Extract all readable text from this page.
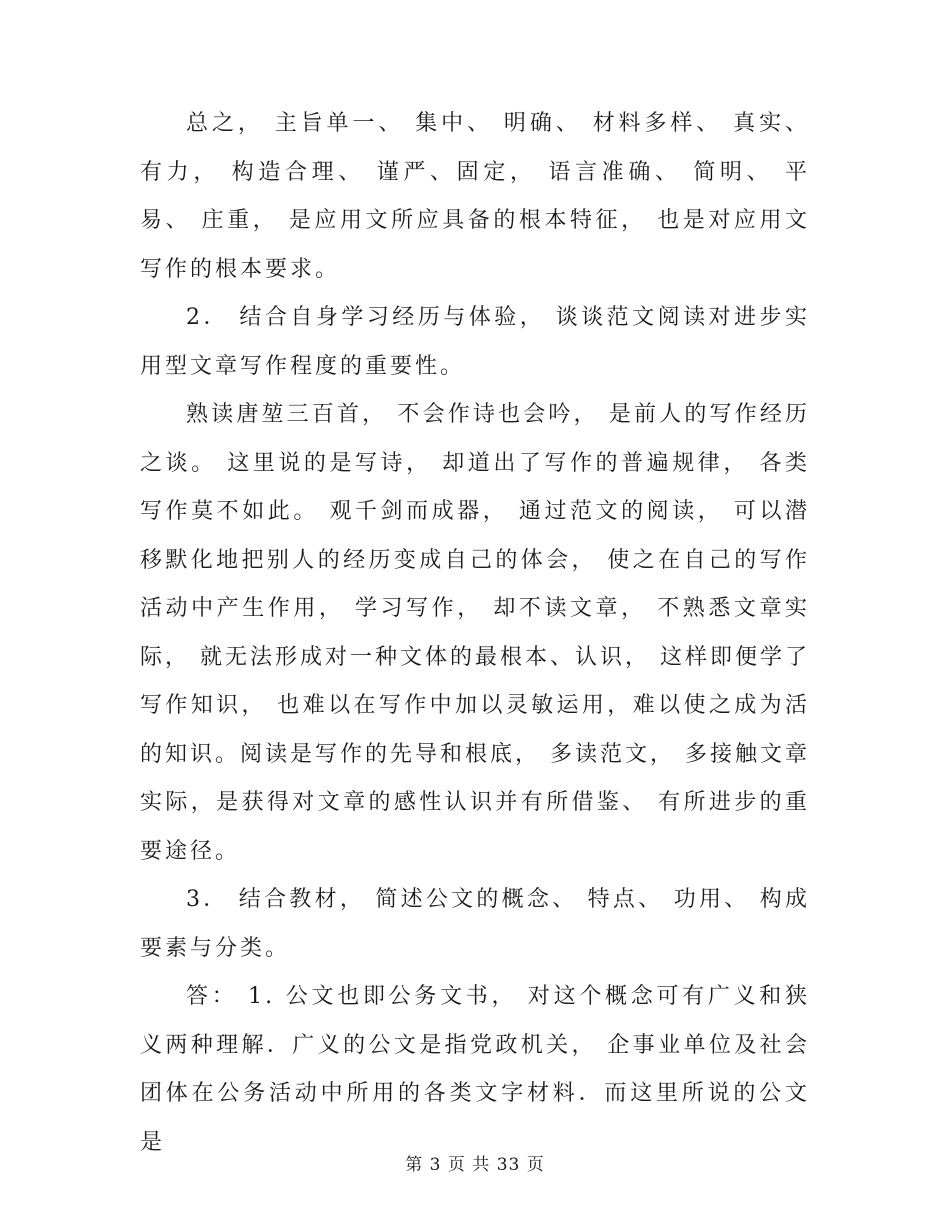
总之， 主旨单一、 集中、 明确、 材料多样、 真实、有力， 构造合理、 谨严、固定， 语言准确、 简明、 平易、 庄重， 是应用文所应具备的根本特征， 也是对应用文写作的根本要求。

2． 结合自身学习经历与体验， 谈谈范文阅读对进步实用型文章写作程度的重要性。

熟读唐堃三百首， 不会作诗也会吟， 是前人的写作经历之谈。 这里说的是写诗， 却道出了写作的普遍规律， 各类写作莫不如此。 观千剑而成器， 通过范文的阅读， 可以潜移默化地把别人的经历变成自己的体会， 使之在自己的写作活动中产生作用， 学习写作， 却不读文章， 不熟悉文章实际， 就无法形成对一种文体的最根本、认识， 这样即便学了写作知识， 也难以在写作中加以灵敏运用，难以使之成为活的知识。阅读是写作的先导和根底， 多读范文， 多接触文章实际，是获得对文章的感性认识并有所借鉴、 有所进步的重要途径。

3． 结合教材， 简述公文的概念、 特点、 功用、 构成要素与分类。

答： 1. 公文也即公务文书， 对这个概念可有广义和狭义两种理解．广义的公文是指党政机关， 企事业单位及社会团体在公务活动中所用的各类文字材料．而这里所说的公文是

第 3 页 共 33 页
